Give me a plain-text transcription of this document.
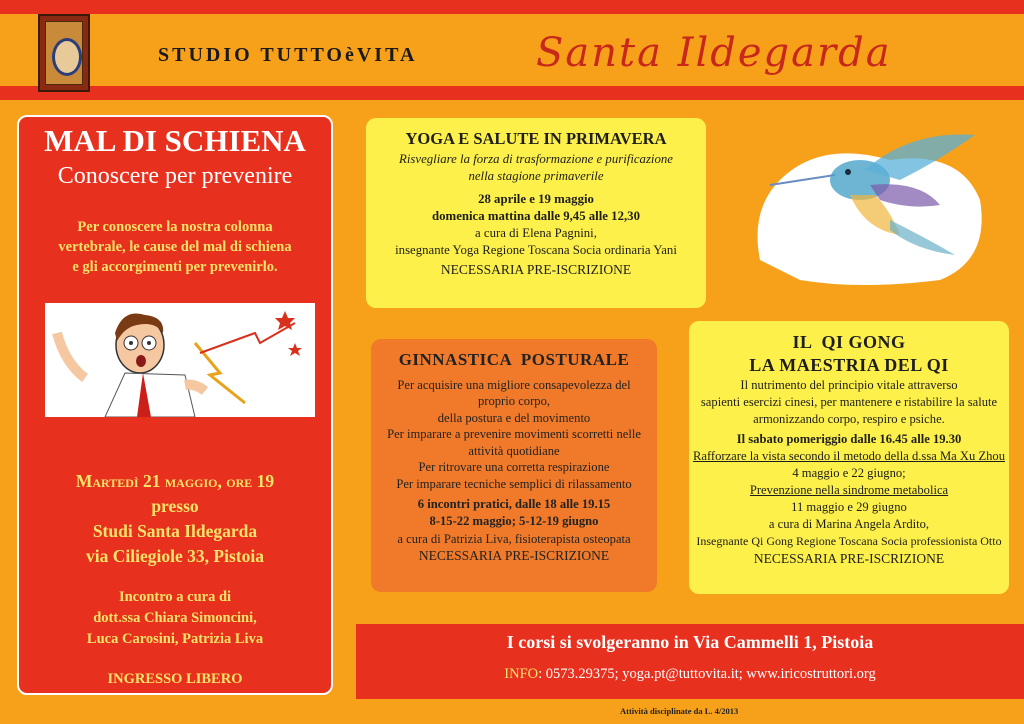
STUDIO TUTTOèVITA	Santa Ildegarda
MAL DI SCHIENA
Conoscere per prevenire
Per conoscere la nostra colonna
vertebrale, le cause del mal di schiena
e gli accorgimenti per prevenirlo.
Martedì 21 maggio, ore 19
presso
Studi Santa Ildegarda
via Ciliegiole 33, Pistoia
Incontro a cura di
dott.ssa Chiara Simoncini,
Luca Carosini, Patrizia Liva
INGRESSO LIBERO
YOGA E SALUTE IN PRIMAVERA
Risvegliare la forza di trasformazione e purificazione
nella stagione primaverile
28 aprile e 19 maggio
domenica mattina dalle 9,45 alle 12,30
a cura di Elena Pagnini,
insegnante Yoga Regione Toscana Socia ordinaria Yani
NECESSARIA PRE-ISCRIZIONE
GINNASTICA  POSTURALE
Per acquisire una migliore consapevolezza del
proprio corpo,
della postura e del movimento
Per imparare a prevenire movimenti scorretti nelle
attività quotidiane
Per ritrovare una corretta respirazione
Per imparare tecniche semplici di rilassamento
6 incontri pratici, dalle 18 alle 19.15
8-15-22 maggio; 5-12-19 giugno
a cura di Patrizia Liva, fisioterapista osteopata
NECESSARIA PRE-ISCRIZIONE
IL  QI GONG
LA MAESTRIA DEL QI
Il nutrimento del principio vitale attraverso
sapienti esercizi cinesi, per mantenere e ristabilire la salute
armonizzando corpo, respiro e psiche.
Il sabato pomeriggio dalle 16.45 alle 19.30
Rafforzare la vista secondo il metodo della d.ssa Ma Xu Zhou
4 maggio e 22 giugno;
Prevenzione nella sindrome metabolica
11 maggio e 29 giugno
a cura di Marina Angela Ardito,
Insegnante Qi Gong Regione Toscana Socia professionista Otto
NECESSARIA PRE-ISCRIZIONE
I corsi si svolgeranno in Via Cammelli 1, Pistoia
INFO: 0573.29375; yoga.pt@tuttovita.it; www.iricostruttori.org
Attività disciplinate da L. 4/2013
